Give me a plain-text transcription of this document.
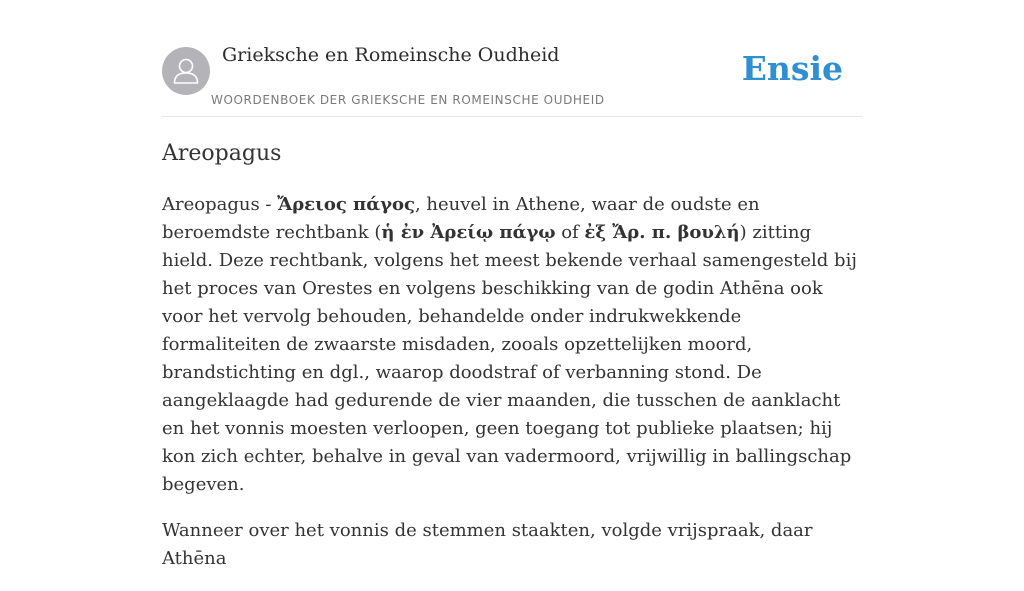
Grieksche en Romeinsche Oudheid
WOORDENBOEK DER GRIEKSCHE EN ROMEINSCHE OUDHEID
Ensie
Areopagus

Areopagus - Ἄρειος πάγος, heuvel in Athene, waar de oudste en beroemdste rechtbank (ἡ ἐν Ἀρείῳ πάγῳ of ἐξ Ἄρ. π. βουλή) zitting hield. Deze rechtbank, volgens het meest bekende verhaal samengesteld bij het proces van Orestes en volgens beschikking van de godin Athēna ook voor het vervolg behouden, behandelde onder indrukwekkende formaliteiten de zwaarste misdaden, zooals opzettelijken moord, brandstichting en dgl., waarop doodstraf of verbanning stond. De aangeklaagde had gedurende de vier maanden, die tusschen de aanklacht en het vonnis moesten verloopen, geen toegang tot publieke plaatsen; hij kon zich echter, behalve in geval van vadermoord, vrijwillig in ballingschap begeven.

Wanneer over het vonnis de stemmen staakten, volgde vrijspraak, daar Athēna
